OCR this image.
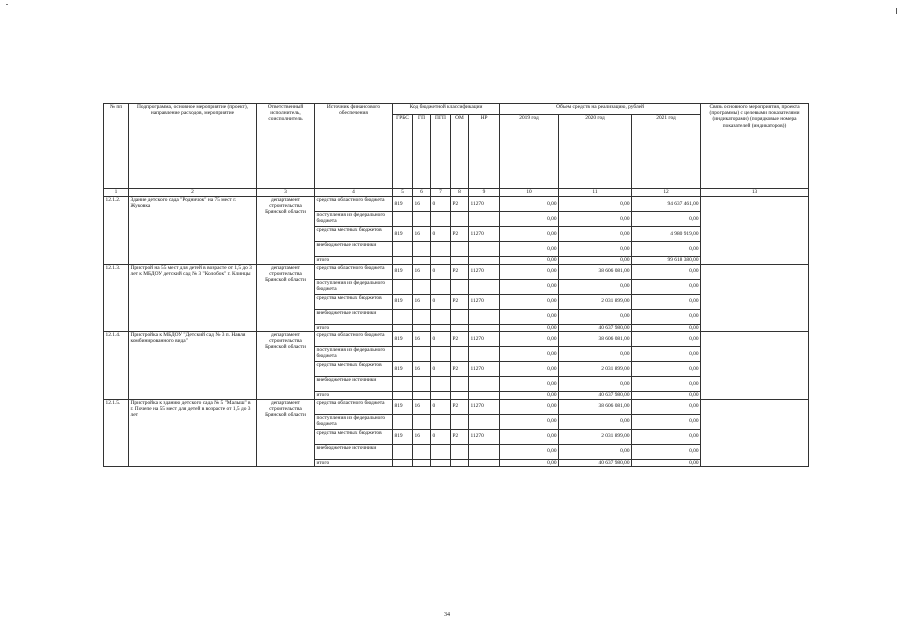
№ пп	Подпрограмма, основное мероприятие (проект), направление расходов, мероприятие	Ответственный исполнитель, соисполнитель	Источник финансового обеспечения	Код бюджетной классификации					Объем средств на реализацию, рублей			Связь основного мероприятия, проекта (программы) с целевыми показателями (индикаторами) (порядковые номера показателей (индикаторов))
				ГРБС	ГП	ПГП	ОМ	НР	2019 год	2020 год	2021 год	
1	2	3	4	5	6	7	8	9	10	11	12	13
12.1.2.	Здание детского сада "Родничок" на 75 мест г. Жуковка	департамент строительства Брянской области	средства областного бюджета	819	16	0	Р2	11270	0,00	0,00	94 637 461,00	
			поступления из федерального бюджета						0,00	0,00	0,00	
			средства местных бюджетов	819	16	0	Р2	11270	0,00	0,00	4 980 919,00	
			внебюджетные источники						0,00	0,00	0,00	
			итого						0,00	0,00	99 618 380,00	
12.1.3.	Пристрой на 55 мест для детей в возрасте от 1,5 до 3 лет к МБДОУ детский сад № 3 "Колобок" г. Клинцы	департамент строительства Брянской области	средства областного бюджета	819	16	0	Р2	11270	0,00	38 606 081,00	0,00	
			поступления из федерального бюджета						0,00	0,00	0,00	
			средства местных бюджетов	819	16	0	Р2	11270	0,00	2 031 899,00	0,00	
			внебюджетные источники						0,00	0,00	0,00	
			итого						0,00	40 637 980,00	0,00	
12.1.4.	Пристройка к МБДОУ "Детский сад № 3 п. Навля комбинированного вида"	департамент строительства Брянской области	средства областного бюджета	819	16	0	Р2	11270	0,00	38 606 081,00	0,00	
			поступления из федерального бюджета						0,00	0,00	0,00	
			средства местных бюджетов	819	16	0	Р2	11270	0,00	2 031 899,00	0,00	
			внебюджетные источники						0,00	0,00	0,00	
			итого						0,00	40 637 980,00	0,00	
12.1.5.	Пристройка к зданию детского сада № 5 "Малыш" в г. Почепе на 55 мест для детей в возрасте от 1,5 до 3 лет	департамент строительства Брянской области	средства областного бюджета	819	16	0	Р2	11270	0,00	38 606 081,00	0,00	
			поступления из федерального бюджета						0,00	0,00	0,00	
			средства местных бюджетов	819	16	0	Р2	11270	0,00	2 031 899,00	0,00	
			внебюджетные источники						0,00	0,00	0,00	
			итого						0,00	40 637 980,00	0,00	
34
